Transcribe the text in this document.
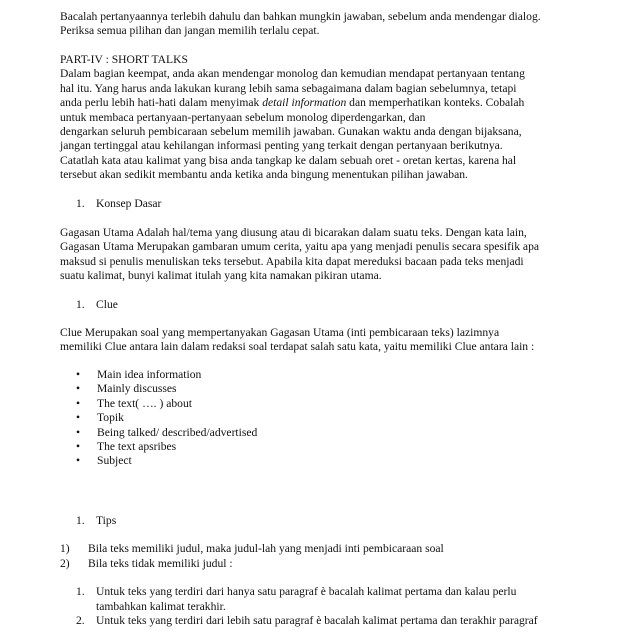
Bacalah pertanyaannya terlebih dahulu dan bahkan mungkin jawaban, sebelum anda mendengar dialog.
Periksa semua pilihan dan jangan memilih terlalu cepat.
PART-IV : SHORT TALKS
Dalam bagian keempat, anda akan mendengar monolog dan kemudian mendapat pertanyaan tentang
hal itu. Yang harus anda lakukan kurang lebih sama sebagaimana dalam bagian sebelumnya, tetapi
anda perlu lebih hati-hati dalam menyimak detail information dan memperhatikan konteks. Cobalah
untuk membaca pertanyaan-pertanyaan sebelum monolog diperdengarkan, dan
dengarkan seluruh pembicaraan sebelum memilih jawaban. Gunakan waktu anda dengan bijaksana,
jangan tertinggal atau kehilangan informasi penting yang terkait dengan pertanyaan berikutnya.
Catatlah kata atau kalimat yang bisa anda tangkap ke dalam sebuah oret - oretan kertas, karena hal
tersebut akan sedikit membantu anda ketika anda bingung menentukan pilihan jawaban.
1. Konsep Dasar
Gagasan Utama Adalah hal/tema yang diusung atau di bicarakan dalam suatu teks. Dengan kata lain,
Gagasan Utama Merupakan gambaran umum cerita, yaitu apa yang menjadi penulis secara spesifik apa
maksud si penulis menuliskan teks tersebut. Apabila kita dapat mereduksi bacaan pada teks menjadi
suatu kalimat, bunyi kalimat itulah yang kita namakan pikiran utama.
1. Clue
Clue Merupakan soal yang mempertanyakan Gagasan Utama (inti pembicaraan teks) lazimnya
memiliki Clue antara lain dalam redaksi soal terdapat salah satu kata, yaitu memiliki Clue antara lain :
• Main idea information
• Mainly discusses
• The text( …. ) about
• Topik
• Being talked/ described/advertised
• The text apsribes
• Subject
1. Tips
1) Bila teks memiliki judul, maka judul-lah yang menjadi inti pembicaraan soal
2) Bila teks tidak memiliki judul :
1. Untuk teks yang terdiri dari hanya satu paragraf è bacalah kalimat pertama dan kalau perlu
tambahkan kalimat terakhir.
2. Untuk teks yang terdiri dari lebih satu paragraf è bacalah kalimat pertama dan terakhir paragraf
